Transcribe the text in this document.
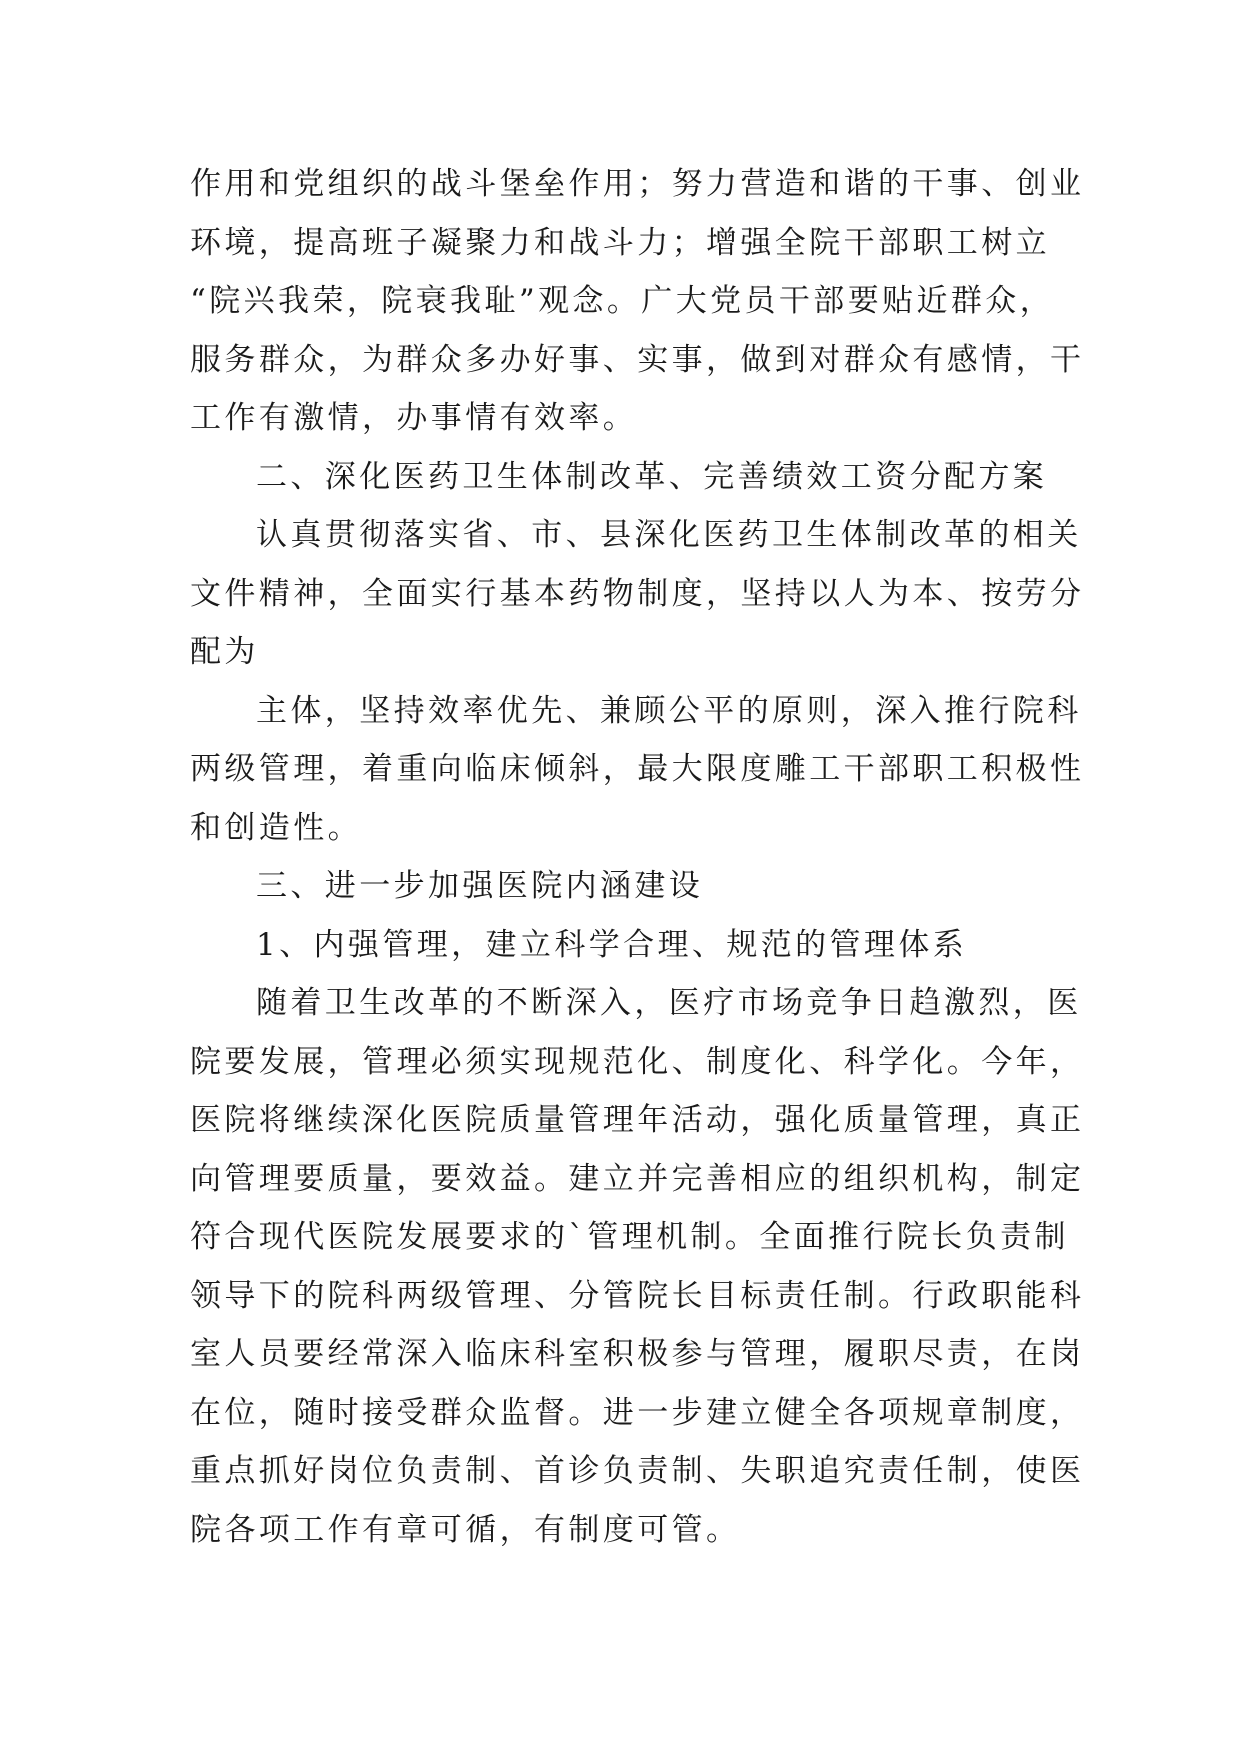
作用和党组织的战斗堡垒作用；努力营造和谐的干事、创业

环境，提高班子凝聚力和战斗力；增强全院干部职工树立

“院兴我荣，院衰我耻”观念。广大党员干部要贴近群众，

服务群众，为群众多办好事、实事，做到对群众有感情，干

工作有激情，办事情有效率。

二、深化医药卫生体制改革、完善绩效工资分配方案

认真贯彻落实省、市、县深化医药卫生体制改革的相关

文件精神，全面实行基本药物制度，坚持以人为本、按劳分

配为

主体，坚持效率优先、兼顾公平的原则，深入推行院科

两级管理，着重向临床倾斜，最大限度雕工干部职工积极性

和创造性。

三、进一步加强医院内涵建设

1、内强管理，建立科学合理、规范的管理体系

随着卫生改革的不断深入，医疗市场竞争日趋激烈，医

院要发展，管理必须实现规范化、制度化、科学化。今年，

医院将继续深化医院质量管理年活动，强化质量管理，真正

向管理要质量，要效益。建立并完善相应的组织机构，制定

符合现代医院发展要求的`管理机制。全面推行院长负责制

领导下的院科两级管理、分管院长目标责任制。行政职能科

室人员要经常深入临床科室积极参与管理，履职尽责，在岗

在位，随时接受群众监督。进一步建立健全各项规章制度，

重点抓好岗位负责制、首诊负责制、失职追究责任制，使医

院各项工作有章可循，有制度可管。
